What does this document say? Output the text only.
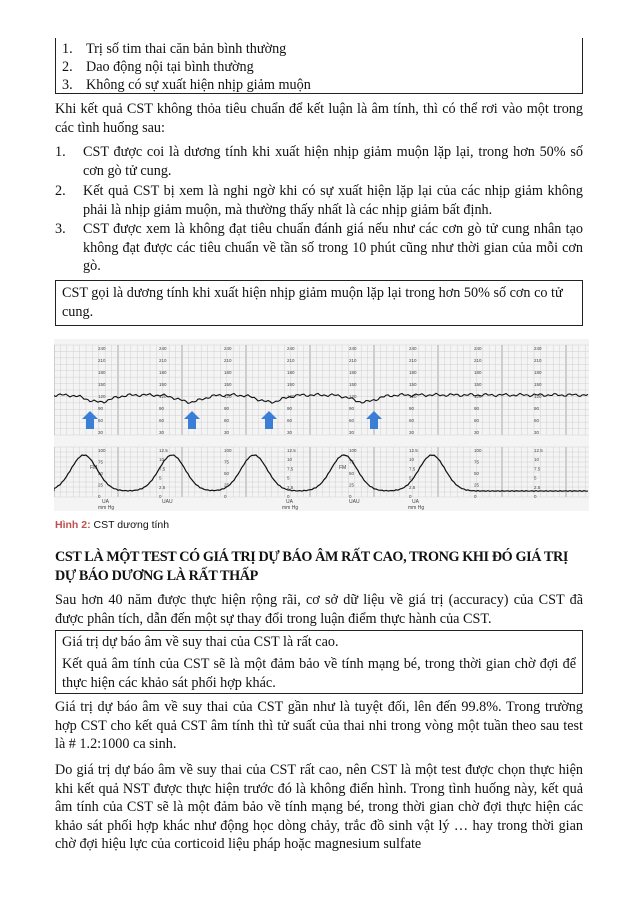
1. Trị số tim thai căn bản bình thường
2. Dao động nội tại bình thường
3. Không có sự xuất hiện nhịp giảm muộn
Khi kết quả CST không thỏa tiêu chuẩn để kết luận là âm tính, thì có thể rơi vào một trong các tình huống sau:
1. CST được coi là dương tính khi xuất hiện nhịp giảm muộn lặp lại, trong hơn 50% số cơn gò tử cung.
2. Kết quả CST bị xem là nghi ngờ khi có sự xuất hiện lặp lại của các nhịp giảm không phải là nhịp giảm muộn, mà thường thấy nhất là các nhịp giảm bất định.
3. CST được xem là không đạt tiêu chuẩn đánh giá nếu như các cơn gò tử cung nhân tạo không đạt được các tiêu chuẩn về tần số trong 10 phút cũng như thời gian của mỗi cơn gò.
CST gọi là dương tính khi xuất hiện nhịp giảm muộn lặp lại trong hơn 50% số cơn co tử cung.
240
210
180
150
120
90
60
30
240
210
180
150
120
90
60
30
240
210
180
150
120
90
60
30
240
210
180
150
120
90
60
30
240
210
180
150
120
90
60
30
240
210
180
150
120
90
60
30
240
210
180
150
120
90
60
30
240
210
180
150
120
90
60
30
100
75
50
25
0
12.5
10
7.5
5
2.5
0
100
75
50
25
0
12.5
10
7.5
5
2.5
0
100
75
50
25
0
12.5
10
7.5
5
2.5
0
100
75
50
25
0
12.5
10
7.5
5
2.5
0
FM	FM
UA
mm Hg
UA
mm Hg
UA
mm Hg
UAU	UAU
Hình 2: CST dương tính
CST LÀ MỘT TEST CÓ GIÁ TRỊ DỰ BÁO ÂM RẤT CAO, TRONG KHI ĐÓ GIÁ TRỊ DỰ BÁO DƯƠNG LÀ RẤT THẤP
Sau hơn 40 năm được thực hiện rộng rãi, cơ sở dữ liệu về giá trị (accuracy) của CST đã được phân tích, dẫn đến một sự thay đổi trong luận điểm thực hành của CST.
Giá trị dự báo âm về suy thai của CST là rất cao.
Kết quả âm tính của CST sẽ là một đảm bảo về tính mạng bé, trong thời gian chờ đợi để thực hiện các khảo sát phối hợp khác.
Giá trị dự báo âm về suy thai của CST gần như là tuyệt đối, lên đến 99.8%. Trong trường hợp CST cho kết quả CST âm tính thì tử suất của thai nhi trong vòng một tuần theo sau test là # 1.2:1000 ca sinh.
Do giá trị dự báo âm về suy thai của CST rất cao, nên CST là một test được chọn thực hiện khi kết quả NST được thực hiện trước đó là không điển hình. Trong tình huống này, kết quả âm tính của CST sẽ là một đảm bảo về tính mạng bé, trong thời gian chờ đợi thực hiện các khảo sát phối hợp khác như động học dòng chảy, trắc đồ sinh vật lý … hay trong thời gian chờ đợi hiệu lực của corticoid liệu pháp hoặc magnesium sulfate
